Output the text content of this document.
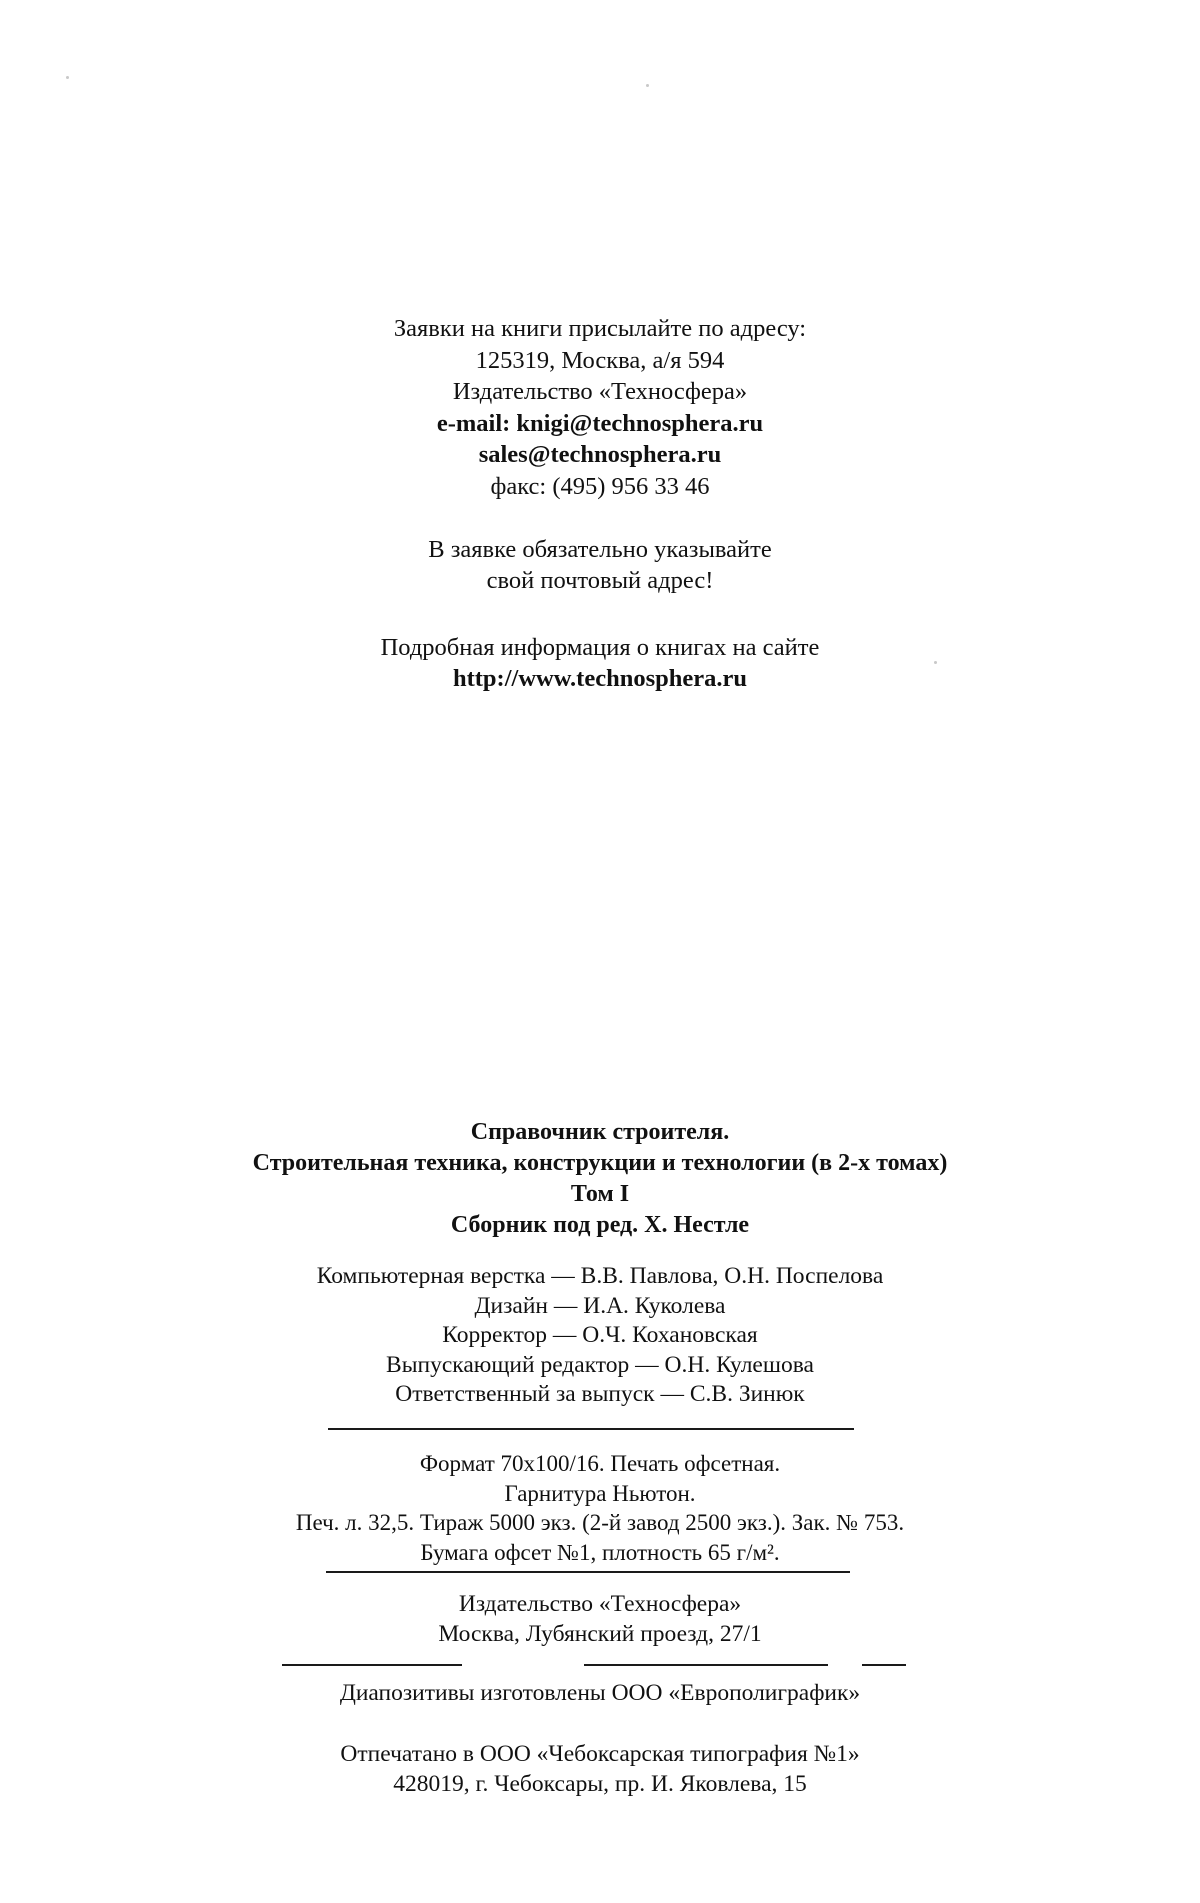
Заявки на книги присылайте по адресу:
125319, Москва, а/я 594
Издательство «Техносфера»
e-mail: knigi@technosphera.ru
sales@technosphera.ru
факс: (495) 956 33 46
В заявке обязательно указывайте
свой почтовый адрес!
Подробная информация о книгах на сайте
http://www.technosphera.ru
Справочник строителя.
Строительная техника, конструкции и технологии (в 2-х томах)
Том I
Сборник под ред. Х. Нестле
Компьютерная верстка — В.В. Павлова, О.Н. Поспелова
Дизайн — И.А. Куколева
Корректор — О.Ч. Кохановская
Выпускающий редактор — О.Н. Кулешова
Ответственный за выпуск — С.В. Зинюк
Формат 70х100/16. Печать офсетная.
Гарнитура Ньютон.
Печ. л. 32,5. Тираж 5000 экз. (2-й завод 2500 экз.). Зак. № 753.
Бумага офсет №1, плотность 65 г/м².
Издательство «Техносфера»
Москва, Лубянский проезд, 27/1
Диапозитивы изготовлены ООО «Европолиграфик»
Отпечатано в ООО «Чебоксарская типография №1»
428019, г. Чебоксары, пр. И. Яковлева, 15
